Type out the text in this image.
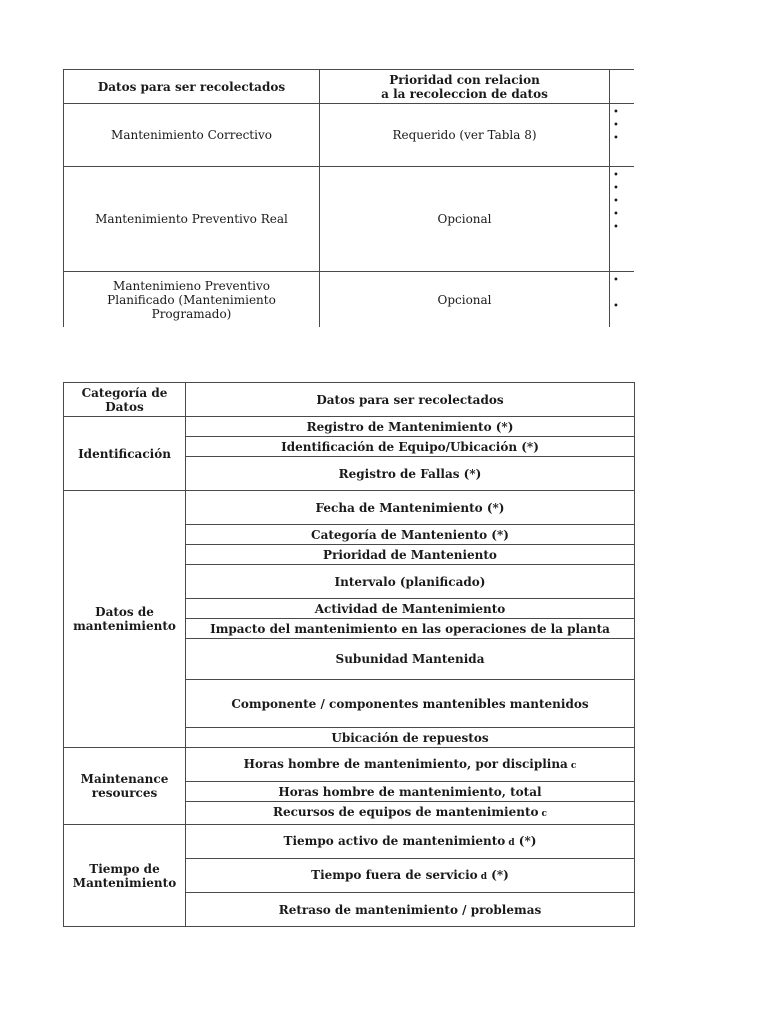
Datos para ser recolectados	Prioridad con relacion
a la recoleccion de datos	

Mantenimiento Correctivo	Requerido (ver Tabla 8)	•
•
•

Mantenimiento Preventivo Real	Opcional	•
•
•
•
•

Mantenimieno Preventivo
Planificado (Mantenimiento Programado)	Opcional	•
•
Categoría de Datos	Datos para ser recolectados
Identificación	Registro de Mantenimiento (*)
	Identificación de Equipo/Ubicación (*)
	Registro de Fallas (*)

Datos de
mantenimiento	Fecha de Mantenimiento (*)
	Categoría de Manteniento (*)
	Prioridad de Manteniento
	Intervalo (planificado)
	Actividad de Mantenimiento
	Impacto del mantenimiento en las operaciones de la planta
	Subunidad Mantenida
	Componente / componentes mantenibles mantenidos
	Ubicación de repuestos

Maintenance
resources	Horas hombre de mantenimiento, por disciplina c
	Horas hombre de mantenimiento, total
	Recursos de equipos de mantenimiento c

Tiempo de
Mantenimiento	Tiempo activo de mantenimiento d (*)
	Tiempo fuera de servicio d (*)
	Retraso de mantenimiento / problemas
